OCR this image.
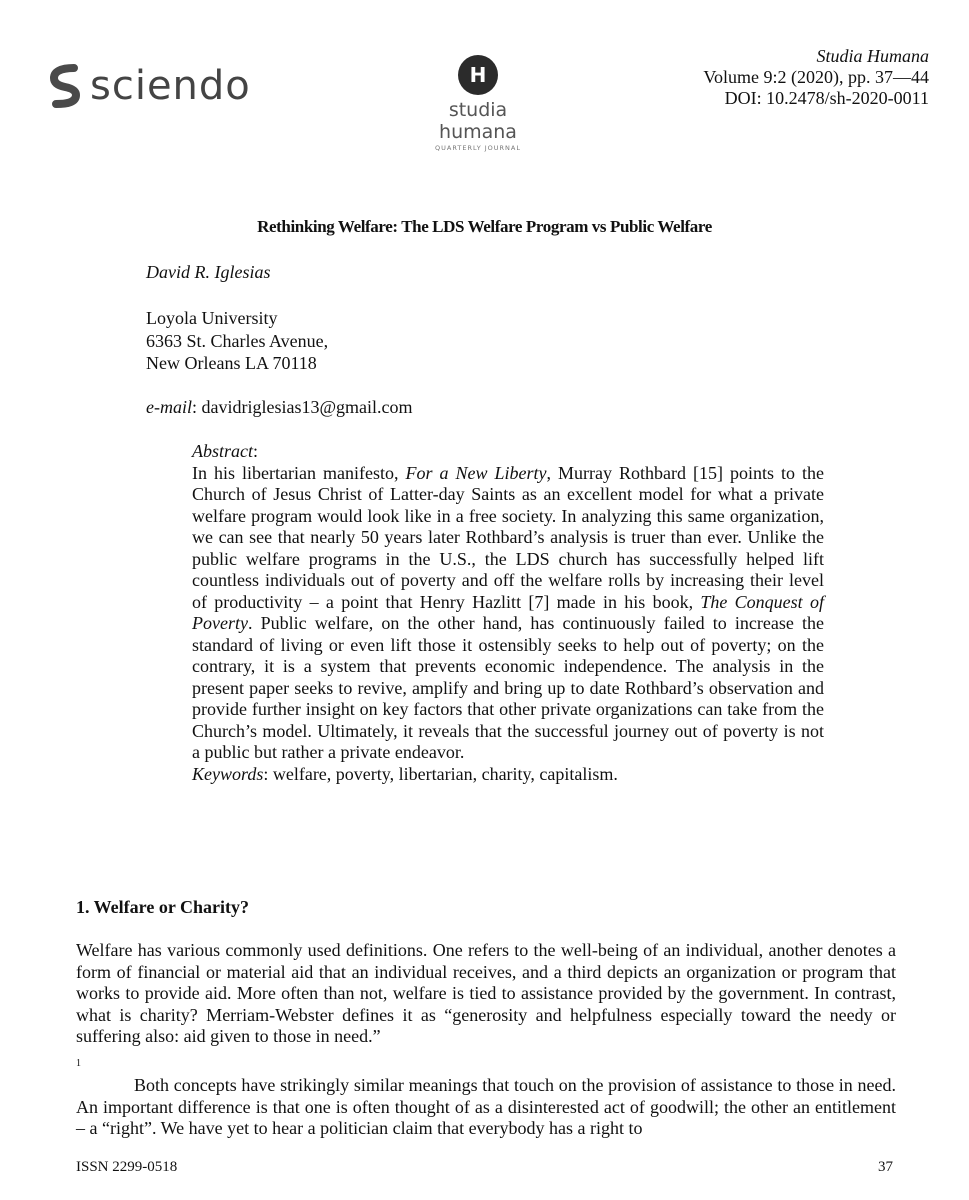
sciendo	H
studia humana
QUARTERLY JOURNAL
Studia Humana
Volume 9:2 (2020), pp. 37—44
DOI: 10.2478/sh-2020-0011
Rethinking Welfare: The LDS Welfare Program vs Public Welfare
David R. Iglesias
Loyola University
6363 St. Charles Avenue,
New Orleans LA 70118
e-mail: davidriglesias13@gmail.com
Abstract:
In his libertarian manifesto, For a New Liberty, Murray Rothbard [15] points to the Church of Jesus Christ of Latter-day Saints as an excellent model for what a private welfare program would look like in a free society. In analyzing this same organization, we can see that nearly 50 years later Rothbard’s analysis is truer than ever. Unlike the public welfare programs in the U.S., the LDS church has successfully helped lift countless individuals out of poverty and off the welfare rolls by increasing their level of productivity – a point that Henry Hazlitt [7] made in his book, The Conquest of Poverty. Public welfare, on the other hand, has continuously failed to increase the standard of living or even lift those it ostensibly seeks to help out of poverty; on the contrary, it is a system that prevents economic independence. The analysis in the present paper seeks to revive, amplify and bring up to date Rothbard’s observation and provide further insight on key factors that other private organizations can take from the Church’s model. Ultimately, it reveals that the successful journey out of poverty is not a public but rather a private endeavor.
Keywords: welfare, poverty, libertarian, charity, capitalism.
1. Welfare or Charity?
Welfare has various commonly used definitions. One refers to the well-being of an individual, another denotes a form of financial or material aid that an individual receives, and a third depicts an organization or program that works to provide aid. More often than not, welfare is tied to assistance provided by the government. In contrast, what is charity? Merriam-Webster defines it as “generosity and helpfulness especially toward the needy or suffering also: aid given to those in need.”
1
Both concepts have strikingly similar meanings that touch on the provision of assistance to those in need. An important difference is that one is often thought of as a disinterested act of goodwill; the other an entitlement – a “right”. We have yet to hear a politician claim that everybody has a right to
ISSN 2299-0518	37
